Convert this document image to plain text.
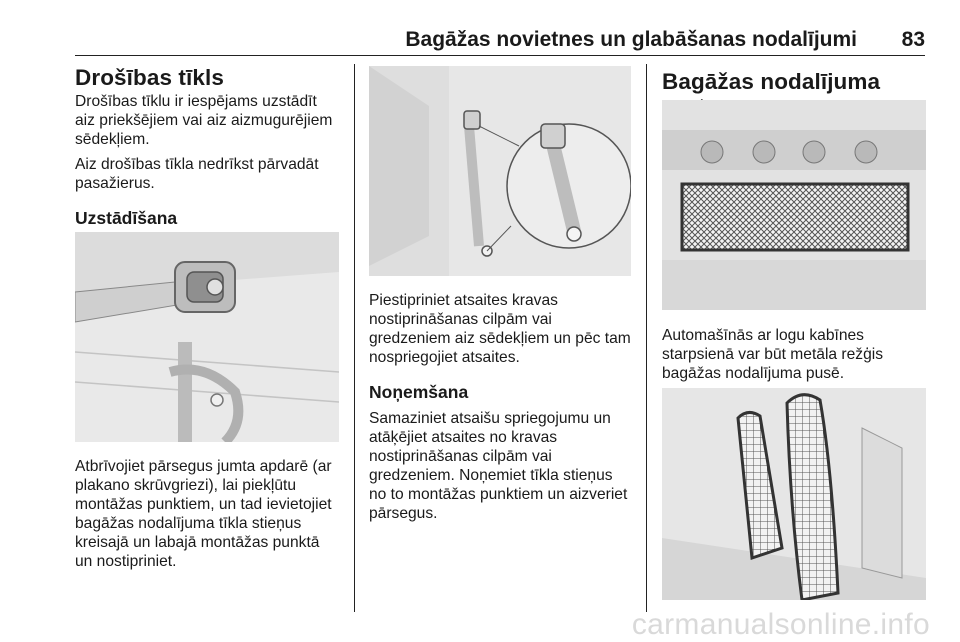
Bagāžas novietnes un glabāšanas nodalījumi 83
Drošības tīkls

Drošības tīklu ir iespējams uzstādīt

aiz priekšējiem vai aiz aizmugurējiem

sēdekļiem.

Aiz drošības tīkla nedrīkst pārvadāt

pasažierus.

Uzstādīšana

Atbrīvojiet pārsegus jumta apdarē (ar

plakano skrūvgriezi), lai piekļūtu

montāžas punktiem, un tad ievietojiet

bagāžas nodalījuma tīkla stieņus

kreisajā un labajā montāžas punktā

un nostipriniet.

Piestipriniet atsaites kravas

nostiprināšanas cilpām vai

gredzeniem aiz sēdekļiem un pēc tam

nospriegojiet atsaites.

Noņemšana

Samaziniet atsaišu spriegojumu un

atāķējiet atsaites no kravas

nostiprināšanas cilpām vai

gredzeniem. Noņemiet tīkla stieņus

no to montāžas punktiem un aizveriet

pārsegus.

Bagāžas nodalījuma

Automašīnās ar logu kabīnes

starpsienā var būt metāla režģis

bagāžas nodalījuma pusē.

carmanualsonline.info
